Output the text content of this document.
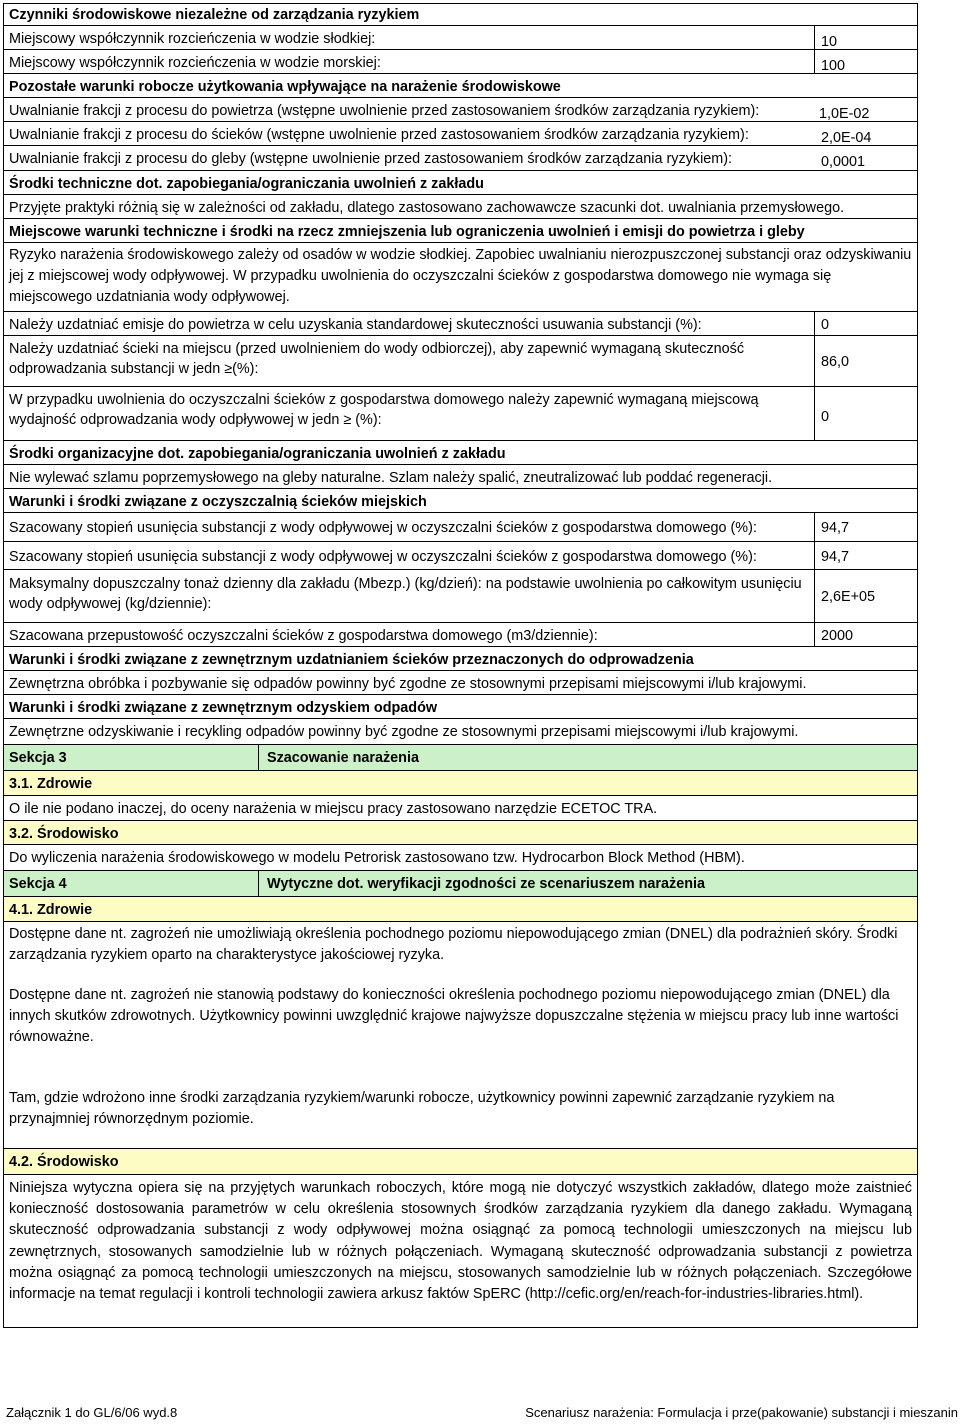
Czynniki środowiskowe niezależne od zarządzania ryzykiem
Miejscowy współczynnik rozcieńczenia w wodzie słodkiej:	10
Miejscowy współczynnik rozcieńczenia w wodzie morskiej:	100
Pozostałe warunki robocze użytkowania wpływające na narażenie środowiskowe
Uwalnianie frakcji z procesu do powietrza (wstępne uwolnienie przed zastosowaniem środków zarządzania ryzykiem):	1,0E-02
Uwalnianie frakcji z procesu do ścieków (wstępne uwolnienie przed zastosowaniem środków zarządzania ryzykiem):	2,0E-04
Uwalnianie frakcji z procesu do gleby (wstępne uwolnienie przed zastosowaniem środków zarządzania ryzykiem):	0,0001
Środki techniczne dot. zapobiegania/ograniczania uwolnień z zakładu
Przyjęte praktyki różnią się w zależności od zakładu, dlatego zastosowano zachowawcze szacunki dot. uwalniania przemysłowego.
Miejscowe warunki techniczne i środki na rzecz zmniejszenia lub ograniczenia uwolnień i emisji do powietrza i gleby
Ryzyko narażenia środowiskowego zależy od osadów w wodzie słodkiej. Zapobiec uwalnianiu nierozpuszczonej substancji oraz odzyskiwaniu jej z miejscowej wody odpływowej. W przypadku uwolnienia do oczyszczalni ścieków z gospodarstwa domowego nie wymaga się miejscowego uzdatniania wody odpływowej.
Należy uzdatniać emisje do powietrza w celu uzyskania standardowej skuteczności usuwania substancji (%):	0
Należy uzdatniać ścieki na miejscu (przed uwolnieniem do wody odbiorczej), aby zapewnić wymaganą skuteczność odprowadzania substancji w jedn ≥(%):	86,0
W przypadku uwolnienia do oczyszczalni ścieków z gospodarstwa domowego należy zapewnić wymaganą miejscową wydajność odprowadzania wody odpływowej w jedn ≥ (%):	0
Środki organizacyjne dot. zapobiegania/ograniczania uwolnień z zakładu
Nie wylewać szlamu poprzemysłowego na gleby naturalne. Szlam należy spalić, zneutralizować lub poddać regeneracji.
Warunki i środki związane z oczyszczalnią ścieków miejskich
Szacowany stopień usunięcia substancji z wody odpływowej w oczyszczalni ścieków z gospodarstwa domowego (%):	94,7
Szacowany stopień usunięcia substancji z wody odpływowej w oczyszczalni ścieków z gospodarstwa domowego (%):	94,7
Maksymalny dopuszczalny tonaż dzienny dla zakładu (Mbezp.) (kg/dzień): na podstawie uwolnienia po całkowitym usunięciu wody odpływowej (kg/dziennie):	2,6E+05
Szacowana przepustowość oczyszczalni ścieków z gospodarstwa domowego (m3/dziennie):	2000
Warunki i środki związane z zewnętrznym uzdatnianiem ścieków przeznaczonych do odprowadzenia
Zewnętrzna obróbka i pozbywanie się odpadów powinny być zgodne ze stosownymi przepisami miejscowymi i/lub krajowymi.
Warunki i środki związane z zewnętrznym odzyskiem odpadów
Zewnętrzne odzyskiwanie i recykling odpadów powinny być zgodne ze stosownymi przepisami miejscowymi i/lub krajowymi.
Sekcja 3	Szacowanie narażenia
3.1. Zdrowie
O ile nie podano inaczej, do oceny narażenia w miejscu pracy zastosowano narzędzie ECETOC TRA.
3.2. Środowisko
Do wyliczenia narażenia środowiskowego w modelu Petrorisk zastosowano tzw. Hydrocarbon Block Method (HBM).
Sekcja 4	Wytyczne dot. weryfikacji zgodności ze scenariuszem narażenia
4.1. Zdrowie
Dostępne dane nt. zagrożeń nie umożliwiają określenia pochodnego poziomu niepowodującego zmian (DNEL) dla podrażnień skóry. Środki zarządzania ryzykiem oparto na charakterystyce jakościowej ryzyka.
Dostępne dane nt. zagrożeń nie stanowią podstawy do konieczności określenia pochodnego poziomu niepowodującego zmian (DNEL) dla innych skutków zdrowotnych. Użytkownicy powinni uwzględnić krajowe najwyższe dopuszczalne stężenia w miejscu pracy lub inne wartości równoważne.
Tam, gdzie wdrożono inne środki zarządzania ryzykiem/warunki robocze, użytkownicy powinni zapewnić zarządzanie ryzykiem na przynajmniej równorzędnym poziomie.
4.2. Środowisko
Niniejsza wytyczna opiera się na przyjętych warunkach roboczych, które mogą nie dotyczyć wszystkich zakładów, dlatego może zaistnieć konieczność dostosowania parametrów w celu określenia stosownych środków zarządzania ryzykiem dla danego zakładu. Wymaganą skuteczność odprowadzania substancji z wody odpływowej można osiągnąć za pomocą technologii umieszczonych na miejscu lub zewnętrznych, stosowanych samodzielnie lub w różnych połączeniach. Wymaganą skuteczność odprowadzania substancji z powietrza można osiągnąć za pomocą technologii umieszczonych na miejscu, stosowanych samodzielnie lub w różnych połączeniach. Szczegółowe informacje na temat regulacji i kontroli technologii zawiera arkusz faktów SpERC (http://cefic.org/en/reach-for-industries-libraries.html).
Załącznik 1 do GL/6/06 wyd.8	Scenariusz narażenia: Formulacja i prze(pakowanie) substancji i mieszanin
